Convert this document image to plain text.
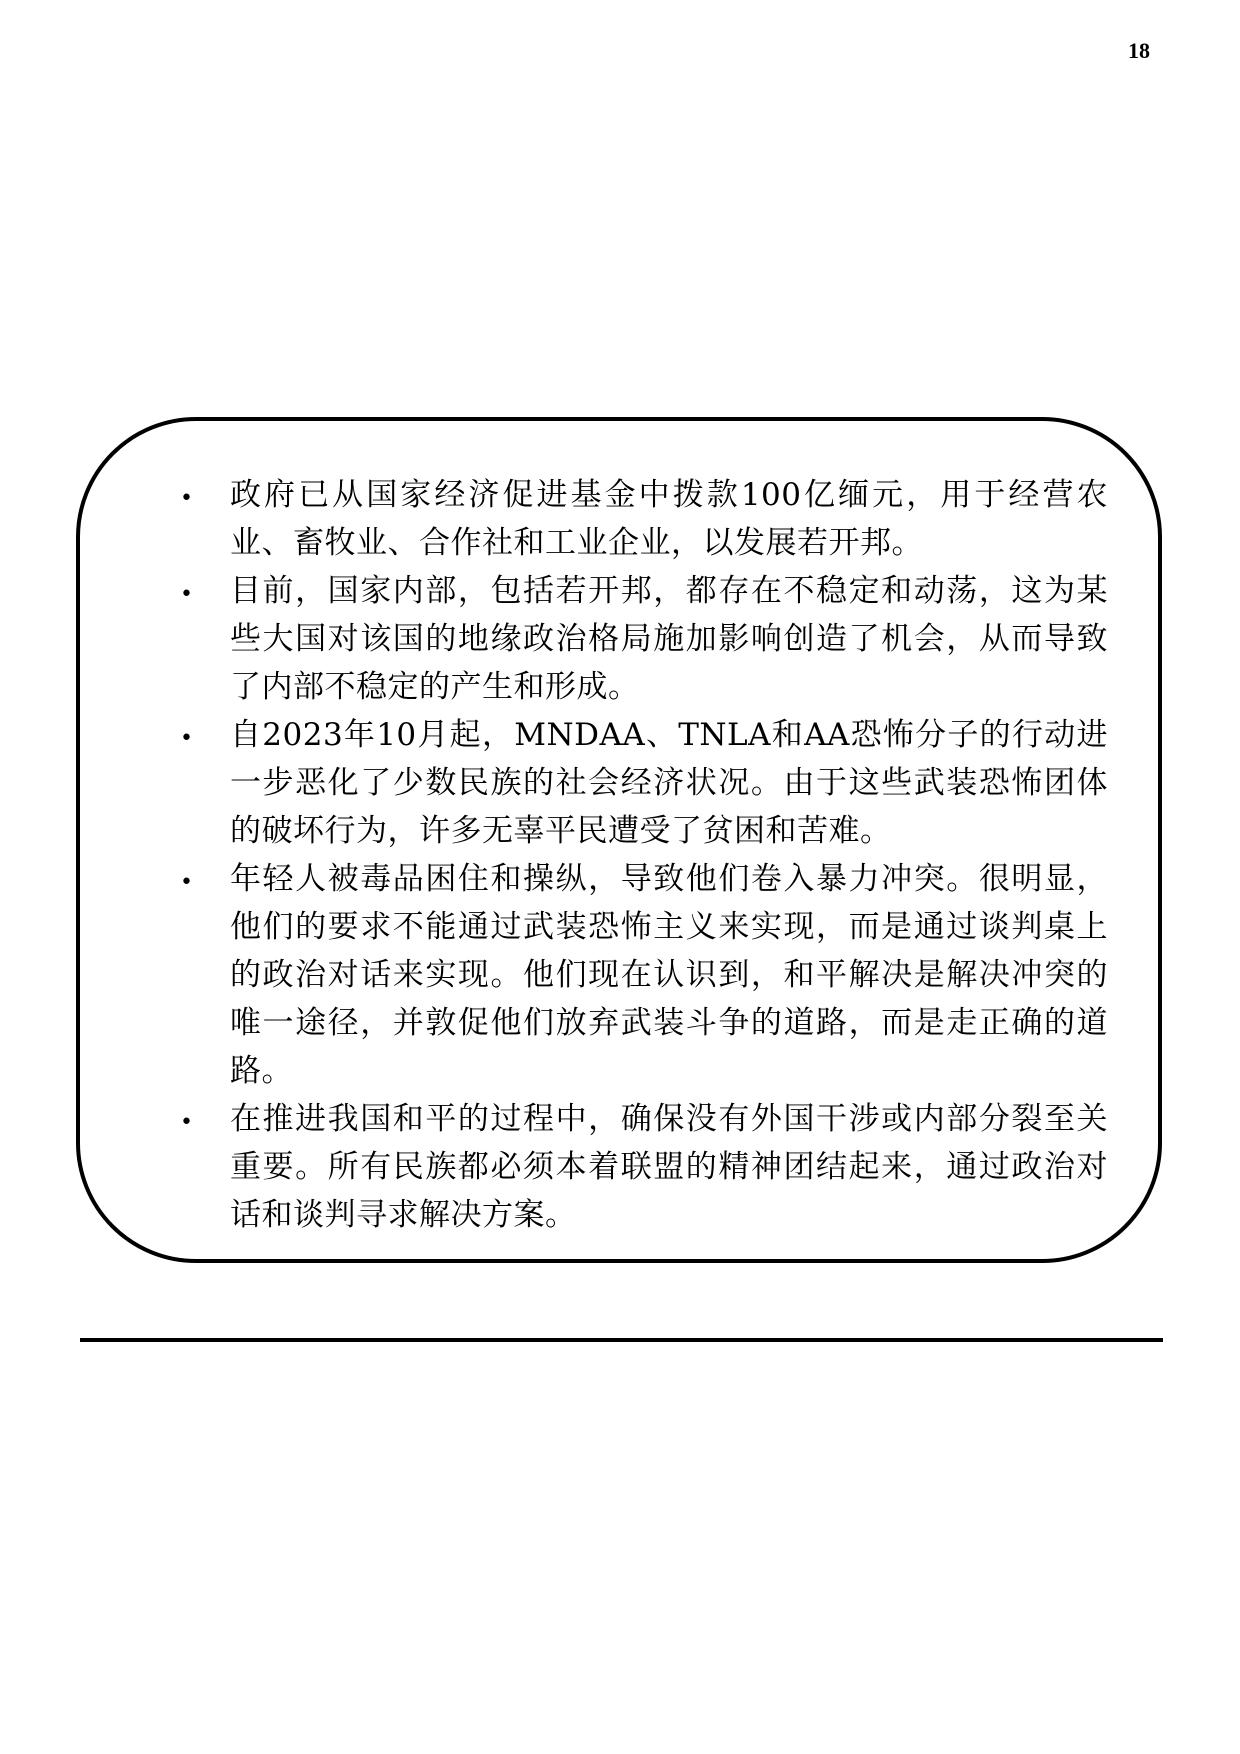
18
• 政府已从国家经济促进基金中拨款100亿缅元，用于经营农业、畜牧业、合作社和工业企业，以发展若开邦。
• 目前，国家内部，包括若开邦，都存在不稳定和动荡，这为某些大国对该国的地缘政治格局施加影响创造了机会，从而导致了内部不稳定的产生和形成。
• 自2023年10月起，MNDAA、TNLA和AA恐怖分子的行动进一步恶化了少数民族的社会经济状况。由于这些武装恐怖团体的破坏行为，许多无辜平民遭受了贫困和苦难。
• 年轻人被毒品困住和操纵，导致他们卷入暴力冲突。很明显，他们的要求不能通过武装恐怖主义来实现，而是通过谈判桌上的政治对话来实现。他们现在认识到，和平解决是解决冲突的唯一途径，并敦促他们放弃武装斗争的道路，而是走正确的道路。
• 在推进我国和平的过程中，确保没有外国干涉或内部分裂至关重要。所有民族都必须本着联盟的精神团结起来，通过政治对话和谈判寻求解决方案。
